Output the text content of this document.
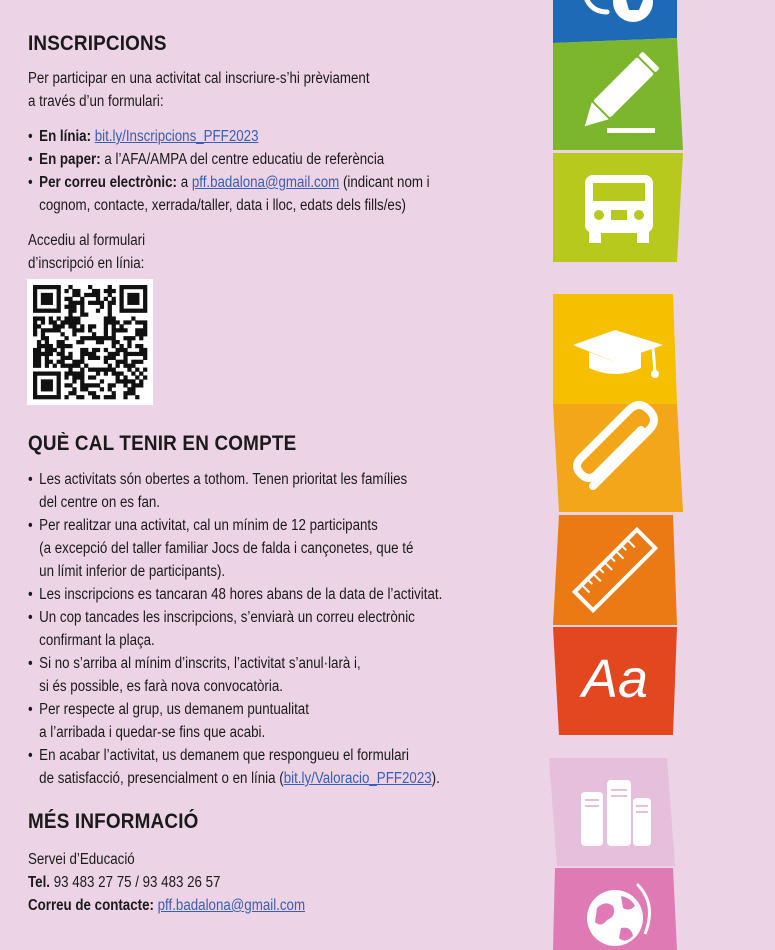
INSCRIPCIONS
Per participar en una activitat cal inscriure-s’hi prèviament
a través d’un formulari:
• En línia: bit.ly/Inscripcions_PFF2023
• En paper: a l’AFA/AMPA del centre educatiu de referència
• Per correu electrònic: a pff.badalona@gmail.com (indicant nom i
cognom, contacte, xerrada/taller, data i lloc, edats dels fills/es)
Accediu al formulari
d’inscripció en línia:
QUÈ CAL TENIR EN COMPTE
• Les activitats són obertes a tothom. Tenen prioritat les famílies
del centre on es fan.
• Per realitzar una activitat, cal un mínim de 12 participants
(a excepció del taller familiar Jocs de falda i cançonetes, que té
un límit inferior de participants).
• Les inscripcions es tancaran 48 hores abans de la data de l’activitat.
• Un cop tancades les inscripcions, s’enviarà un correu electrònic
confirmant la plaça.
• Si no s’arriba al mínim d’inscrits, l’activitat s’anul·larà i,
si és possible, es farà nova convocatòria.
• Per respecte al grup, us demanem puntualitat
a l’arribada i quedar-se fins que acabi.
• En acabar l’activitat, us demanem que respongueu el formulari
de satisfacció, presencialment o en línia (bit.ly/Valoracio_PFF2023).
MÉS INFORMACIÓ
Servei d’Educació
Tel. 93 483 27 75 / 93 483 26 57
Correu de contacte: pff.badalona@gmail.com
Aa
